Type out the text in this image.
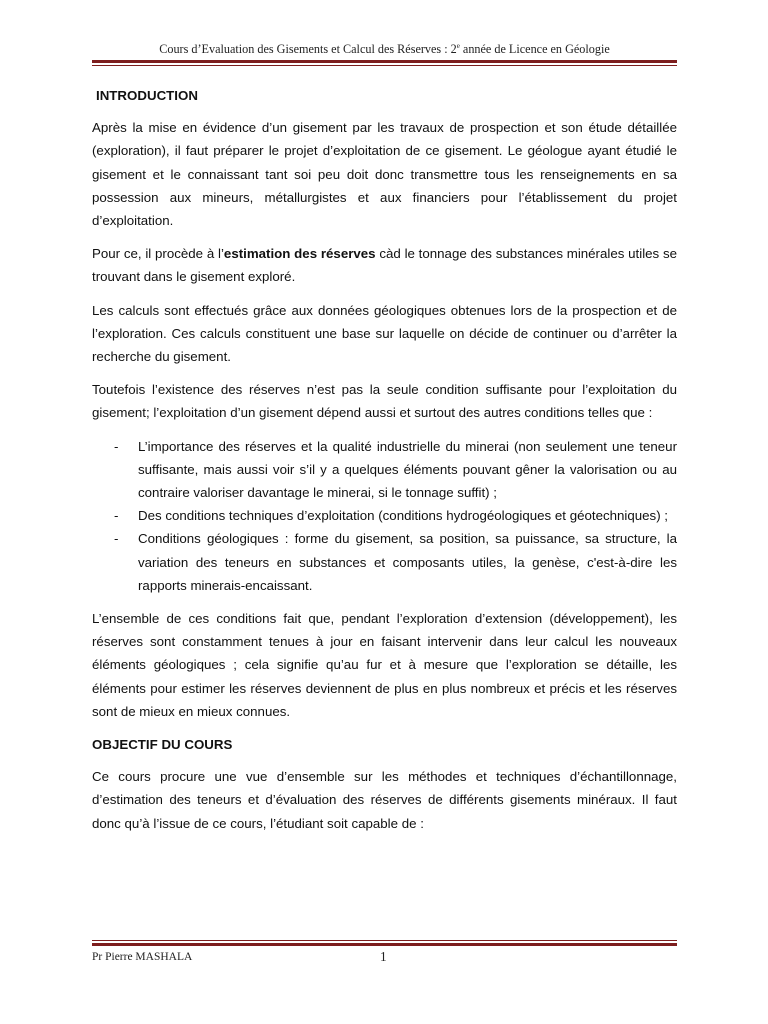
Cours d’Evaluation des Gisements et Calcul des Réserves : 2e année de Licence en Géologie
INTRODUCTION

Après la mise en évidence d’un gisement par les travaux de prospection et son étude détaillée (exploration), il faut préparer le projet d’exploitation de ce gisement. Le géologue ayant étudié le gisement et le connaissant tant soi peu doit donc transmettre tous les renseignements en sa possession aux mineurs, métallurgistes et aux financiers pour l’établissement du projet d’exploitation.

Pour ce, il procède à l’estimation des réserves càd le tonnage des substances minérales utiles se trouvant dans le gisement exploré.

Les calculs sont effectués grâce aux données géologiques obtenues lors de la prospection et de l’exploration. Ces calculs constituent une base sur laquelle on décide de continuer ou d’arrêter la recherche du gisement.

Toutefois l’existence des réserves n’est pas la seule condition suffisante pour l’exploitation du gisement; l’exploitation d’un gisement dépend aussi et surtout des autres conditions telles que :

- L’importance des réserves et la qualité industrielle du minerai (non seulement une teneur suffisante, mais aussi voir s’il y a quelques éléments pouvant gêner la valorisation ou au contraire valoriser davantage le minerai, si le tonnage suffit) ;
- Des conditions techniques d’exploitation (conditions hydrogéologiques et géotechniques) ;
- Conditions géologiques : forme du gisement, sa position, sa puissance, sa structure, la variation des teneurs en substances et composants utiles, la genèse, c'est-à-dire les rapports minerais-encaissant.

L’ensemble de ces conditions fait que, pendant l’exploration d’extension (développement), les réserves sont constamment tenues à jour en faisant intervenir dans leur calcul les nouveaux éléments géologiques ; cela signifie qu’au fur et à mesure que l’exploration se détaille, les éléments pour estimer les réserves deviennent de plus en plus nombreux et précis et les réserves sont de mieux en mieux connues.

OBJECTIF DU COURS

Ce cours procure une vue d’ensemble sur les méthodes et techniques d’échantillonnage, d’estimation des teneurs et d’évaluation des réserves de différents gisements minéraux. Il faut donc qu’à l’issue de ce cours, l’étudiant soit capable de :

Pr Pierre MASHALA	1
